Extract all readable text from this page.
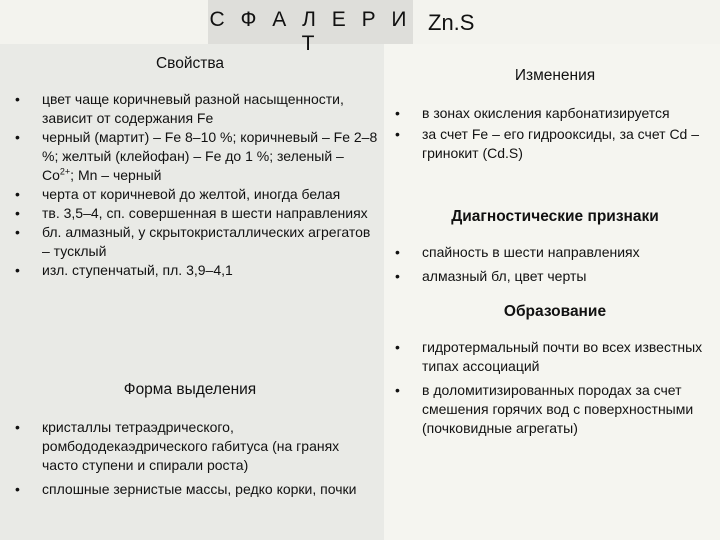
С Ф А Л Е Р И Т
Zn.S
Свойства
• цвет чаще коричневый разной насыщенности, зависит от содержания Fe
• черный (мартит) – Fe 8–10 %; коричневый – Fe 2–8 %; желтый (клейофан) – Fe до 1 %; зеленый – $Co^{2+}$; Mn – черный
• черта от коричневой до желтой, иногда белая
• тв. 3,5–4, сп. совершенная в шести направлениях
• бл. алмазный, у скрытокристаллических агрегатов – тусклый
• изл. ступенчатый, пл. 3,9–4,1
Форма выделения
• кристаллы тетраэдрического, ромбододекаэдрического габитуса (на гранях часто ступени и спирали роста)
• сплошные зернистые массы, редко корки, почки
Изменения
• в зонах окисления карбонатизируется
• за счет Fe – его гидрооксиды, за счет Cd – гринокит (Cd.S)
Диагностические признаки
• спайность в шести направлениях
• алмазный бл, цвет черты
Образование
• гидротермальный почти во всех известных типах ассоциаций
• в доломитизированных породах за счет смешения горячих вод с поверхностными (почковидные агрегаты)
